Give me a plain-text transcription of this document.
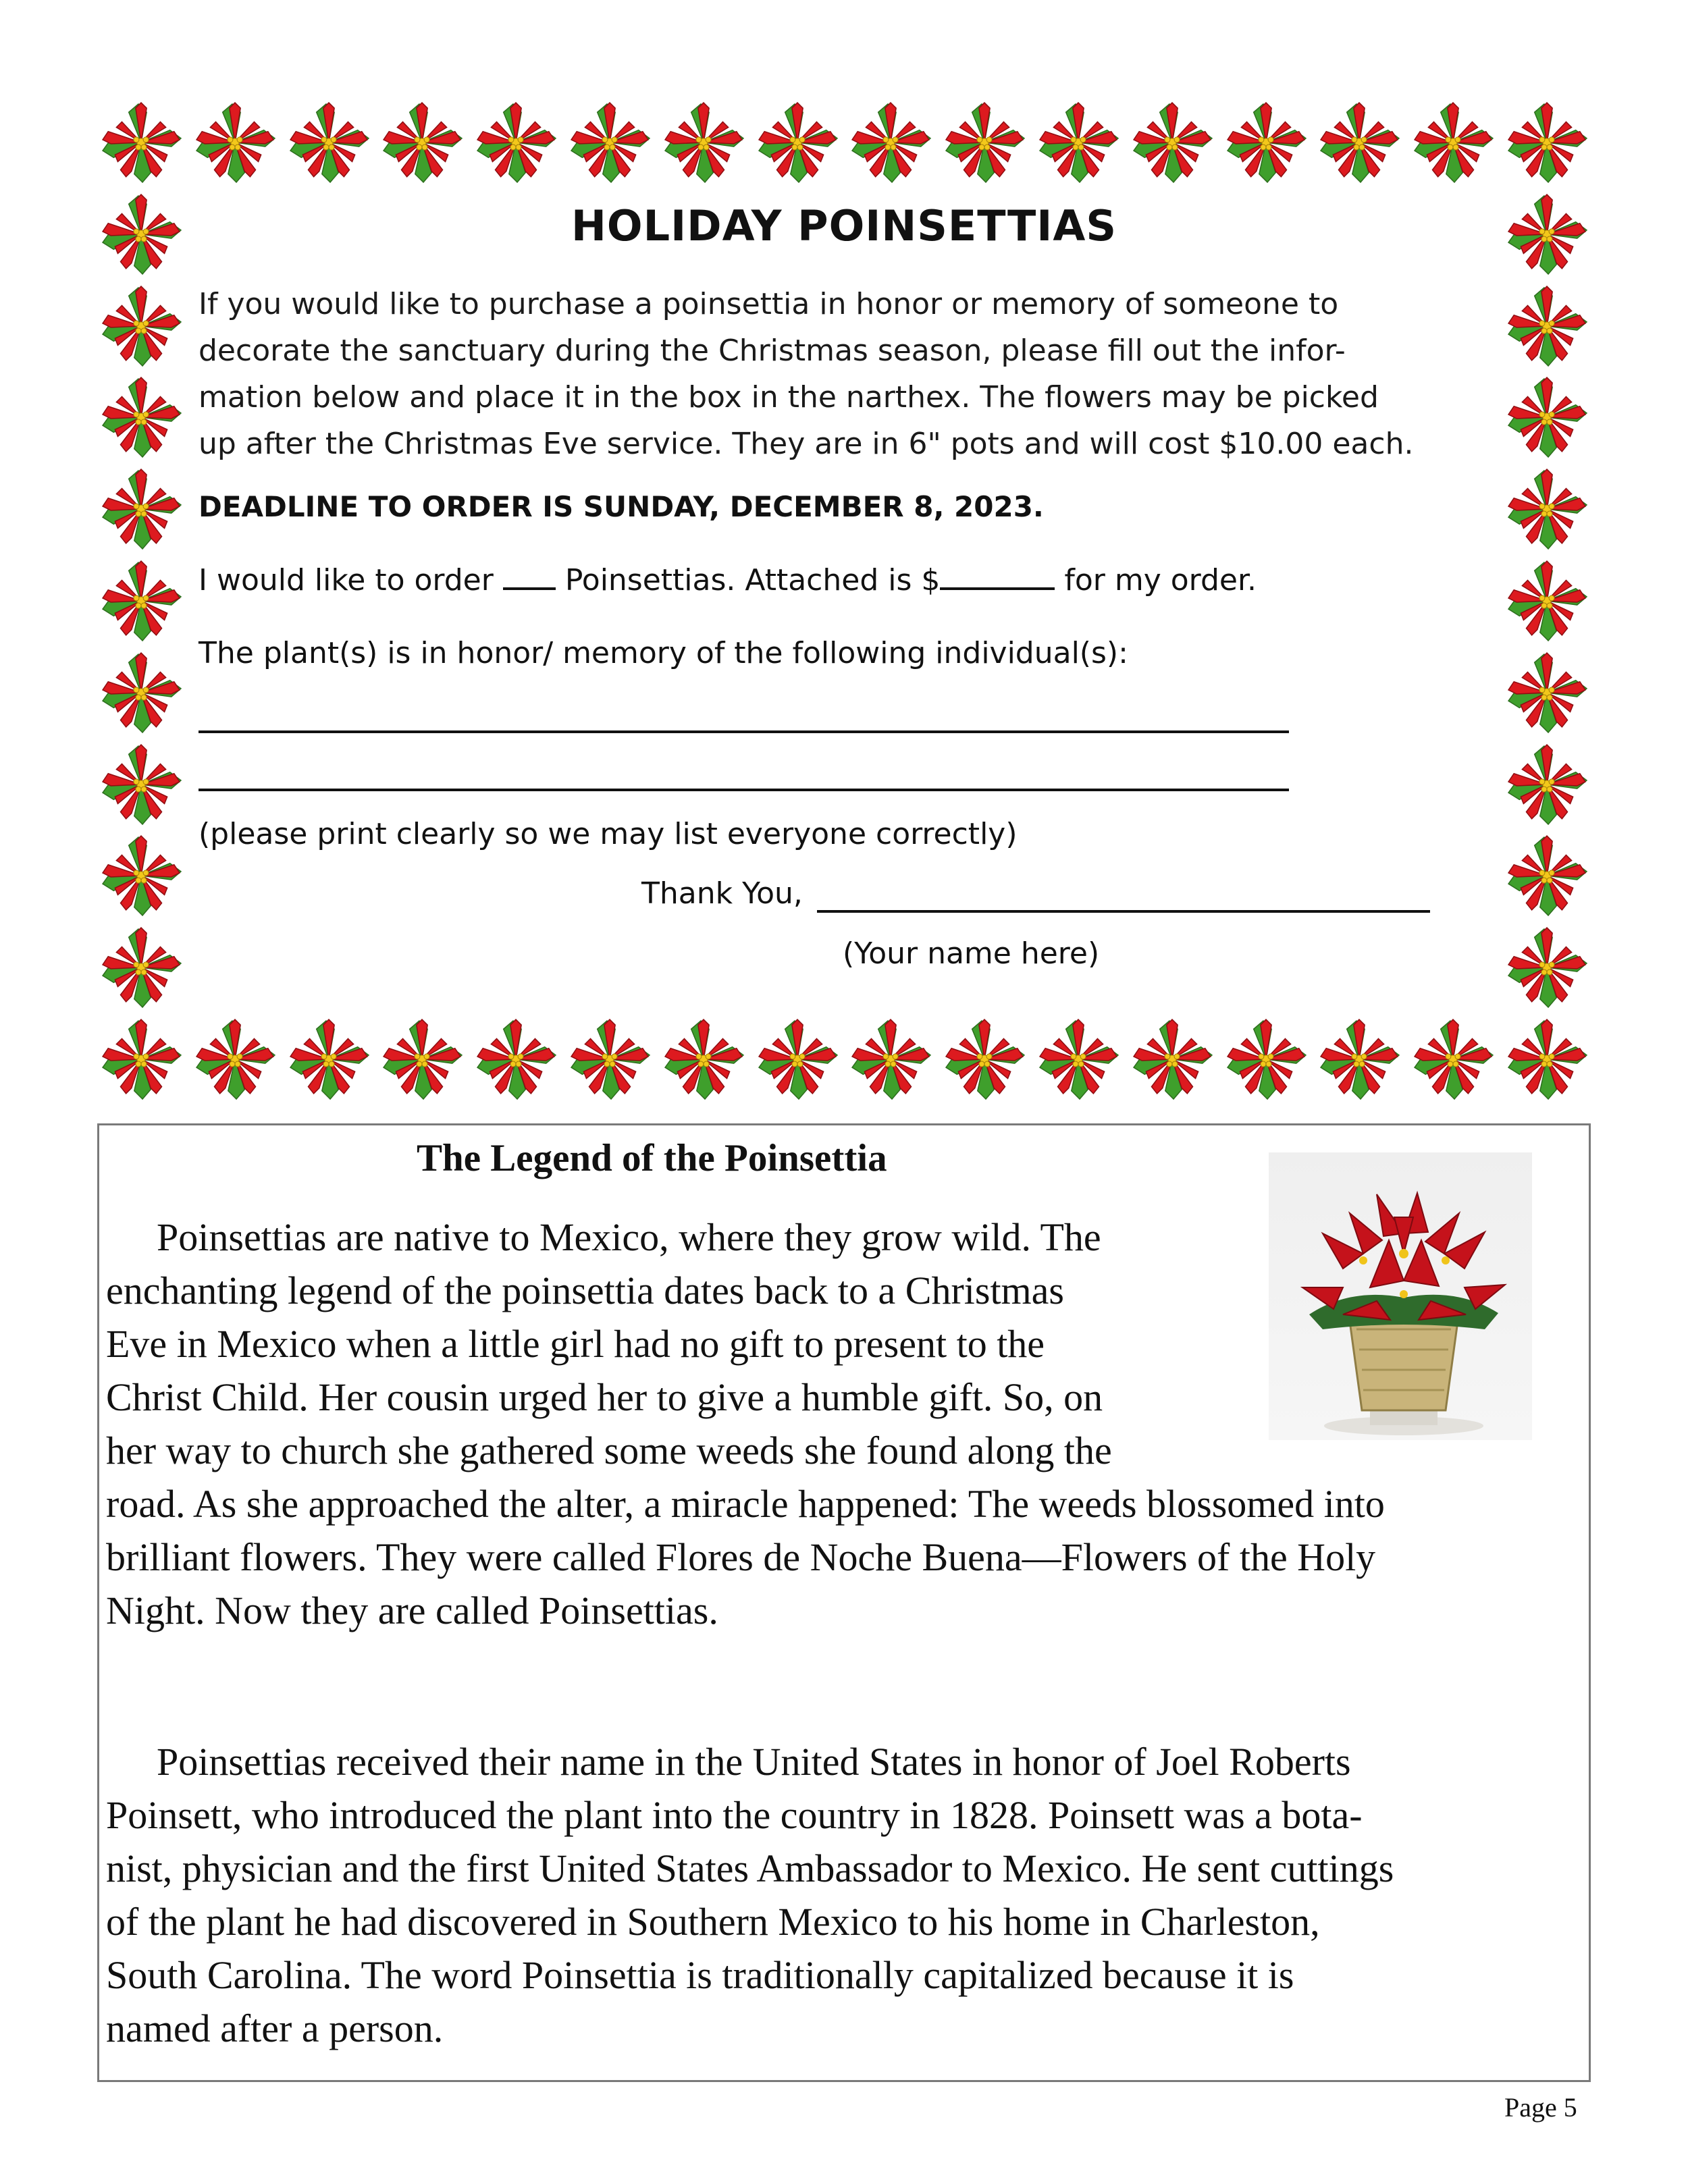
HOLIDAY POINSETTIAS
If you would like to purchase a poinsettia in honor or memory of someone to
decorate the sanctuary during the Christmas season, please fill out the infor-
mation below and place it in the box in the narthex. The flowers may be picked
up after the Christmas Eve service. They are in 6" pots and will cost $10.00 each.
DEADLINE TO ORDER IS SUNDAY, DECEMBER 8, 2023.
I would like to order Poinsettias. Attached is $	for my order.
The plant(s) is in honor/ memory of the following individual(s):
(please print clearly so we may list everyone correctly)
Thank You,
(Your name here)
The Legend of the Poinsettia
Poinsettias are native to Mexico, where they grow wild. The
enchanting legend of the poinsettia dates back to a Christmas
Eve in Mexico when a little girl had no gift to present to the
Christ Child. Her cousin urged her to give a humble gift. So, on
her way to church she gathered some weeds she found along the
road. As she approached the alter, a miracle happened: The weeds blossomed into
brilliant flowers. They were called Flores de Noche Buena—Flowers of the Holy
Night. Now they are called Poinsettias.
Poinsettias received their name in the United States in honor of Joel Roberts
Poinsett, who introduced the plant into the country in 1828. Poinsett was a bota-
nist, physician and the first United States Ambassador to Mexico. He sent cuttings
of the plant he had discovered in Southern Mexico to his home in Charleston,
South Carolina. The word Poinsettia is traditionally capitalized because it is
named after a person.
Page 5
